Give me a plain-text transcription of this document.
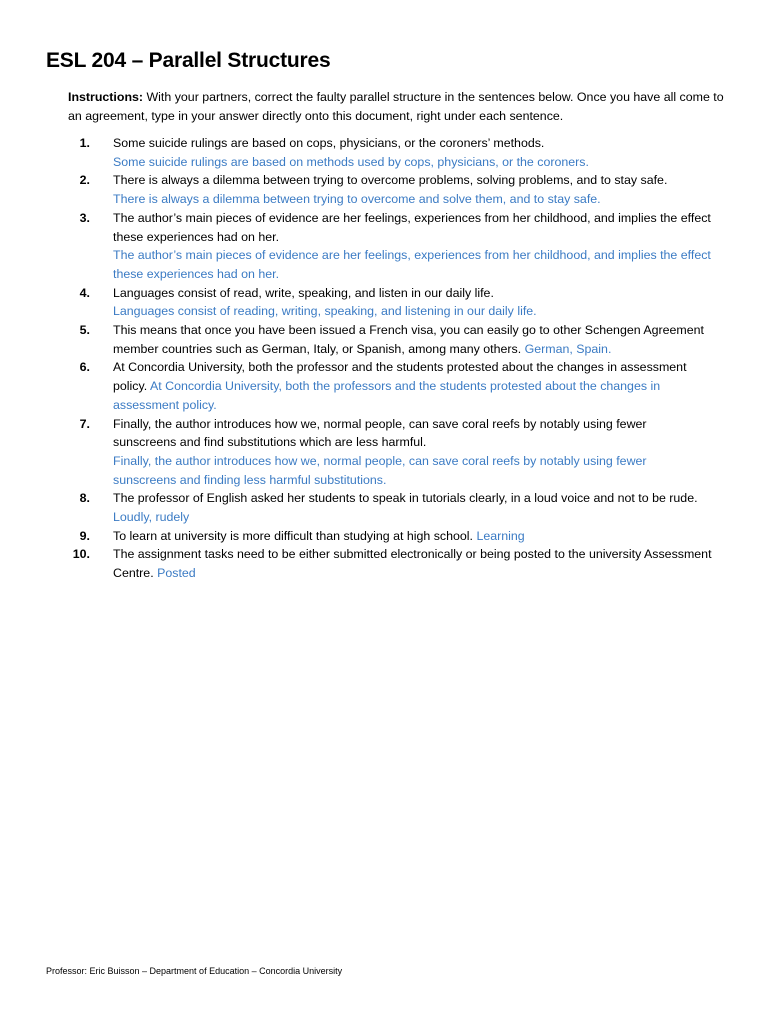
ESL 204 – Parallel Structures
Instructions: With your partners, correct the faulty parallel structure in the sentences below. Once you have all come to an agreement, type in your answer directly onto this document, right under each sentence.
1. Some suicide rulings are based on cops, physicians, or the coroners’ methods.
Some suicide rulings are based on methods used by cops, physicians, or the coroners.
2. There is always a dilemma between trying to overcome problems, solving problems, and to stay safe.
There is always a dilemma between trying to overcome and solve them, and to stay safe.
3. The author’s main pieces of evidence are her feelings, experiences from her childhood, and implies the effect these experiences had on her.
The author’s main pieces of evidence are her feelings, experiences from her childhood, and implies the effect these experiences had on her.
4. Languages consist of read, write, speaking, and listen in our daily life.
Languages consist of reading, writing, speaking, and listening in our daily life.
5. This means that once you have been issued a French visa, you can easily go to other Schengen Agreement member countries such as German, Italy, or Spanish, among many others. German, Spain.
6. At Concordia University, both the professor and the students protested about the changes in assessment policy. At Concordia University, both the professors and the students protested about the changes in assessment policy.
7. Finally, the author introduces how we, normal people, can save coral reefs by notably using fewer sunscreens and find substitutions which are less harmful.
Finally, the author introduces how we, normal people, can save coral reefs by notably using fewer sunscreens and finding less harmful substitutions.
8. The professor of English asked her students to speak in tutorials clearly, in a loud voice and not to be rude.
Loudly, rudely
9. To learn at university is more difficult than studying at high school. Learning
10. The assignment tasks need to be either submitted electronically or being posted to the university Assessment Centre. Posted
Professor: Eric Buisson – Department of Education – Concordia University
